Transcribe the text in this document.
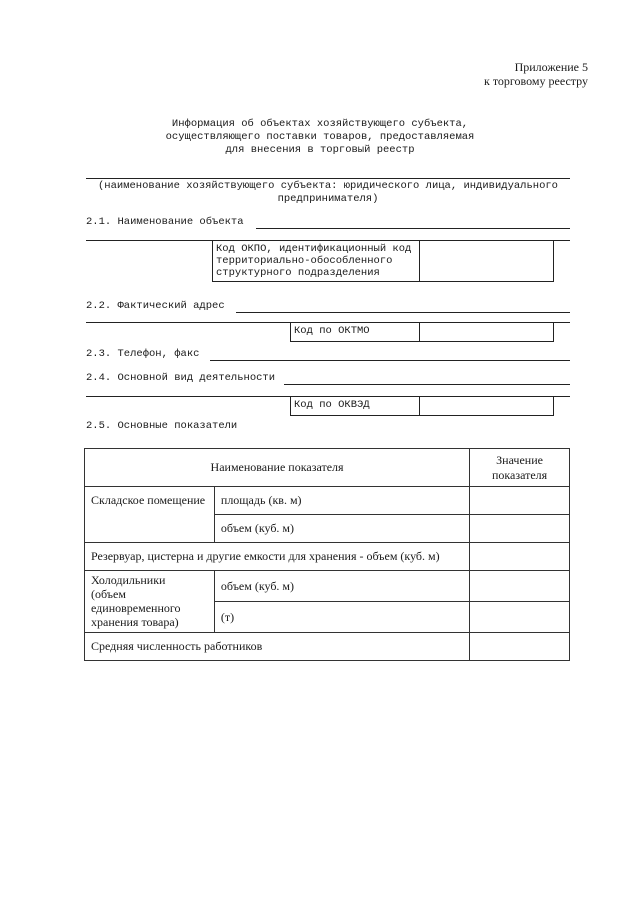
Приложение 5
к торговому реестру
Информация об объектах хозяйствующего субъекта,
осуществляющего поставки товаров, предоставляемая
для внесения в торговый реестр
(наименование хозяйствующего субъекта: юридического лица, индивидуального
предпринимателя)
2.1. Наименование объекта
Код ОКПО, идентификационный код
территориально-обособленного
структурного подразделения
2.2. Фактический адрес
Код по ОКТМО
2.3. Телефон, факс
2.4. Основной вид деятельности
Код по ОКВЭД
2.5. Основные показатели
Наименование показателя		Значение
показателя

Складское помещение	площадь (кв. м)	
	объем (куб. м)	
Резервуар, цистерна и другие емкости для хранения - объем (куб. м)		

Холодильники
(объем единовременного
хранения товара)	объем (куб. м)	
	(т)	
Средняя численность работников		
